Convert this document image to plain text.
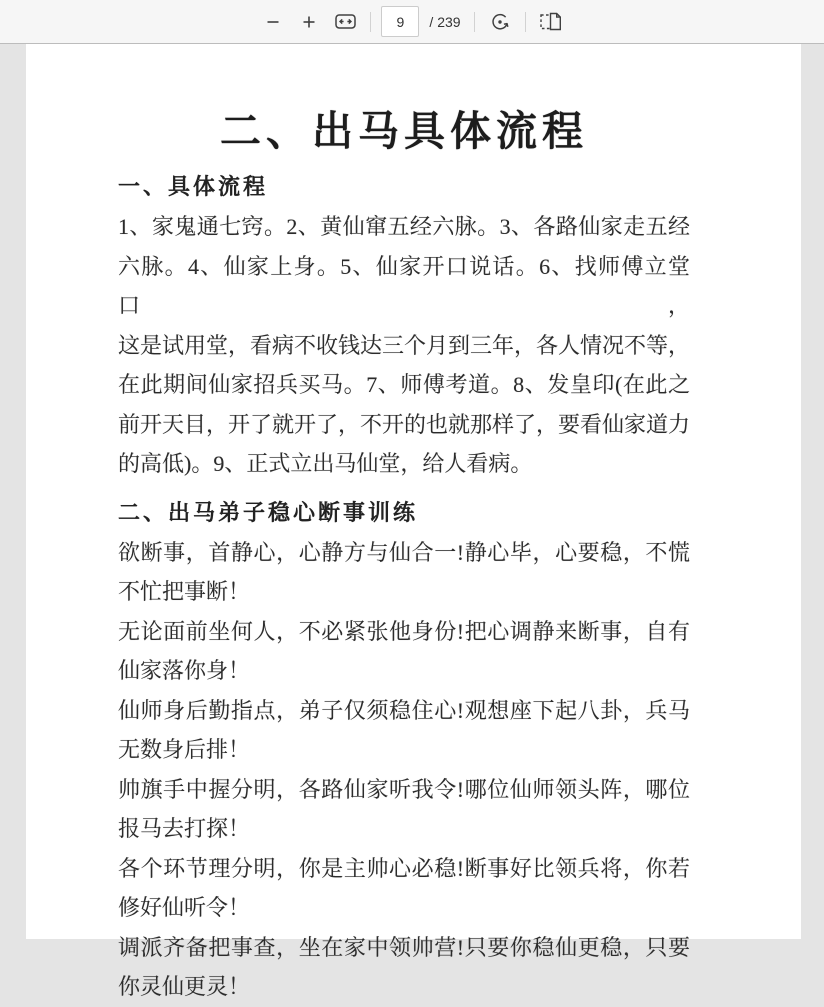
9
/ 239
二、出马具体流程
一、具体流程
1、家鬼通七窍。2、黄仙窜五经六脉。3、各路仙家走五经
六脉。4、仙家上身。5、仙家开口说话。6、找师傅立堂口，
这是试用堂，看病不收钱达三个月到三年，各人情况不等，
在此期间仙家招兵买马。7、师傅考道。8、发皇印(在此之
前开天目，开了就开了，不开的也就那样了，要看仙家道力
的高低)。9、正式立出马仙堂，给人看病。
二、出马弟子稳心断事训练
欲断事，首静心，心静方与仙合一!静心毕，心要稳，不慌
不忙把事断！
无论面前坐何人，不必紧张他身份!把心调静来断事，自有
仙家落你身！
仙师身后勤指点，弟子仅须稳住心!观想座下起八卦，兵马
无数身后排！
帅旗手中握分明，各路仙家听我令!哪位仙师领头阵，哪位
报马去打探！
各个环节理分明，你是主帅心必稳!断事好比领兵将，你若
修好仙听令！
调派齐备把事查，坐在家中领帅营!只要你稳仙更稳，只要
你灵仙更灵！
